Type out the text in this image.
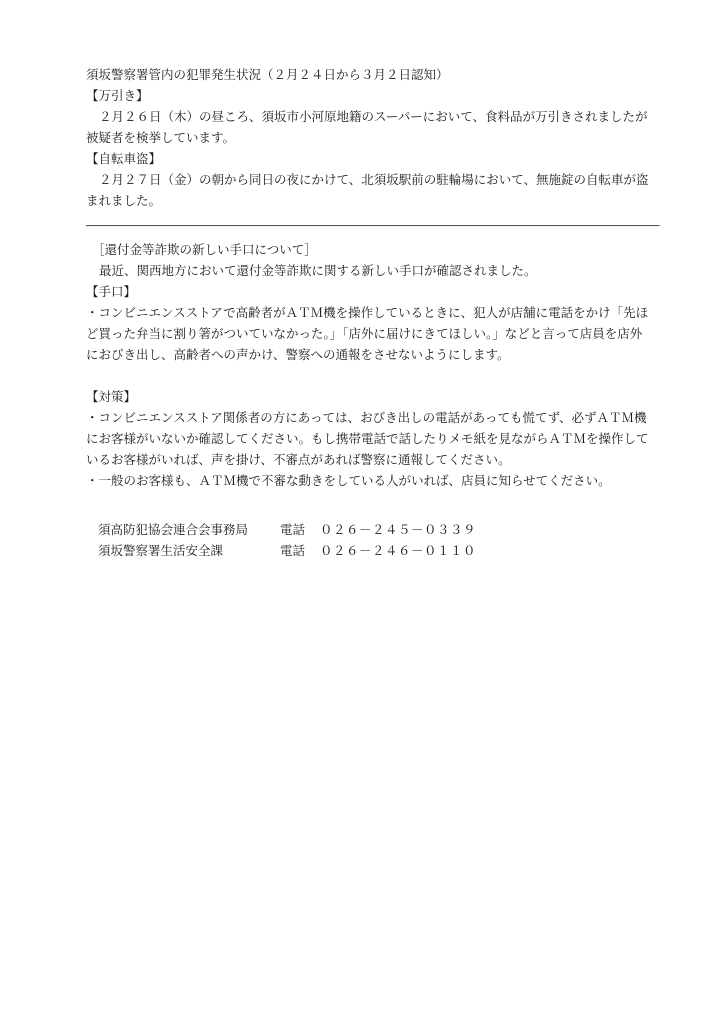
須坂警察署管内の犯罪発生状況（２月２４日から３月２日認知）
【万引き】
２月２６日（木）の昼ころ、須坂市小河原地籍のスーパーにおいて、食料品が万引きされましたが
被疑者を検挙しています。
【自転車盗】
２月２７日（金）の朝から同日の夜にかけて、北須坂駅前の駐輪場において、無施錠の自転車が盗
まれました。
［還付金等詐欺の新しい手口について］
最近、関西地方において還付金等詐欺に関する新しい手口が確認されました。
【手口】
・コンビニエンスストアで高齢者がＡＴＭ機を操作しているときに、犯人が店舗に電話をかけ「先ほ
ど買った弁当に割り箸がついていなかった。」「店外に届けにきてほしい。」などと言って店員を店外
におびき出し、高齢者への声かけ、警察への通報をさせないようにします。
【対策】
・コンビニエンスストア関係者の方にあっては、おびき出しの電話があっても慌てず、必ずＡＴＭ機
にお客様がいないか確認してください。もし携帯電話で話したりメモ紙を見ながらＡＴＭを操作して
いるお客様がいれば、声を掛け、不審点があれば警察に通報してください。
・一般のお客様も、ＡＴＭ機で不審な動きをしている人がいれば、店員に知らせてください。
須高防犯協会連合会事務局	電話	０２６－２４５－０３３９
須坂警察署生活安全課	電話	０２６－２４６－０１１０
